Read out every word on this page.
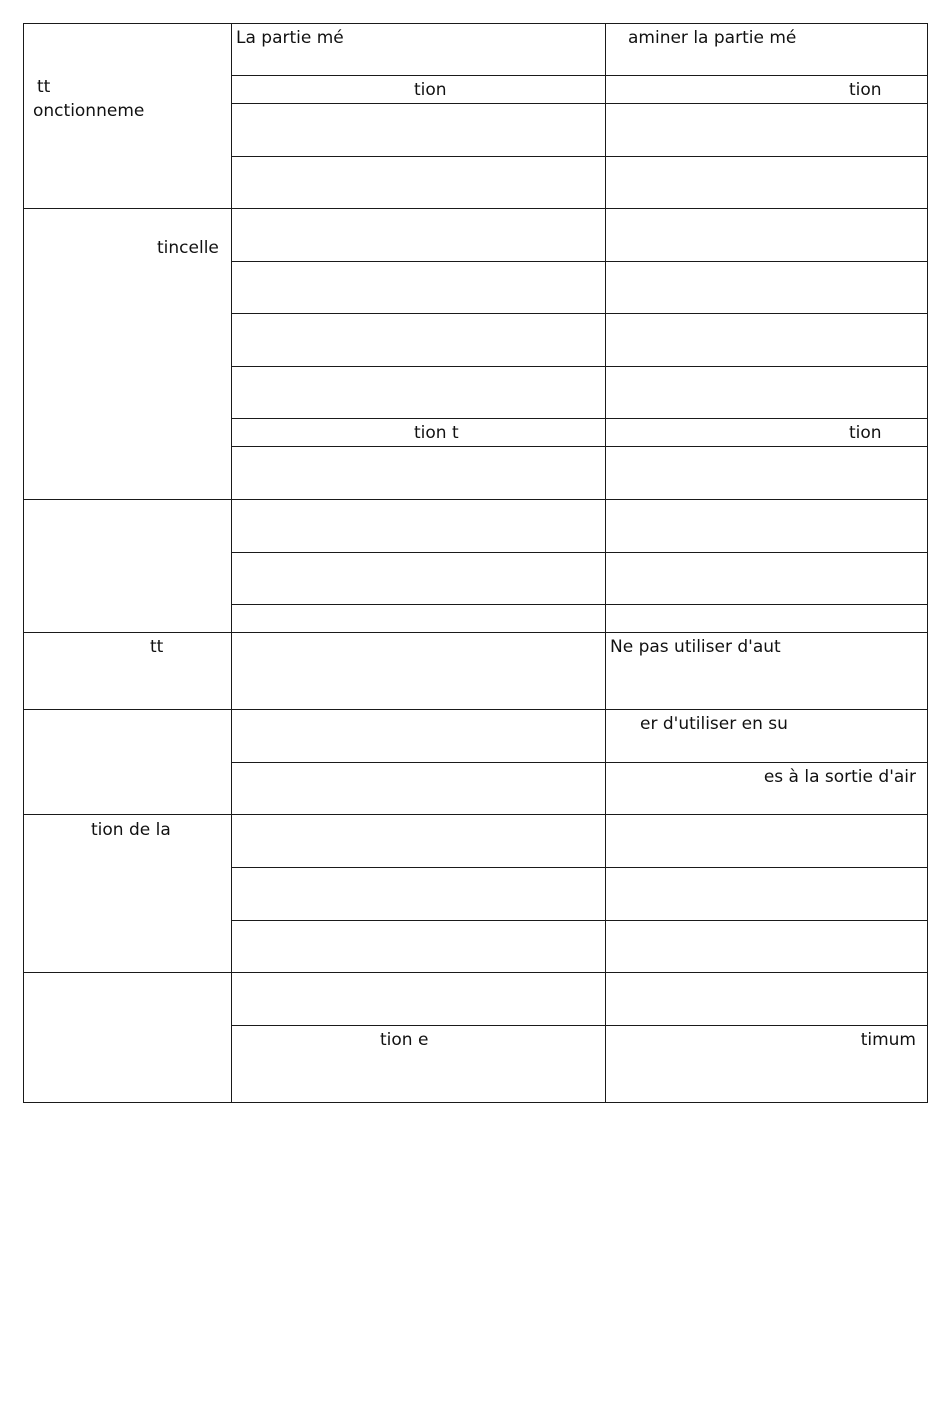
tt
onctionneme
tincelle
tt
tion de la
La partie mé
tion
tion t
tion e
aminer la partie mé
tion
tion
Ne pas utiliser d'aut
er d'utiliser en su
es à la sortie d'air
timum
